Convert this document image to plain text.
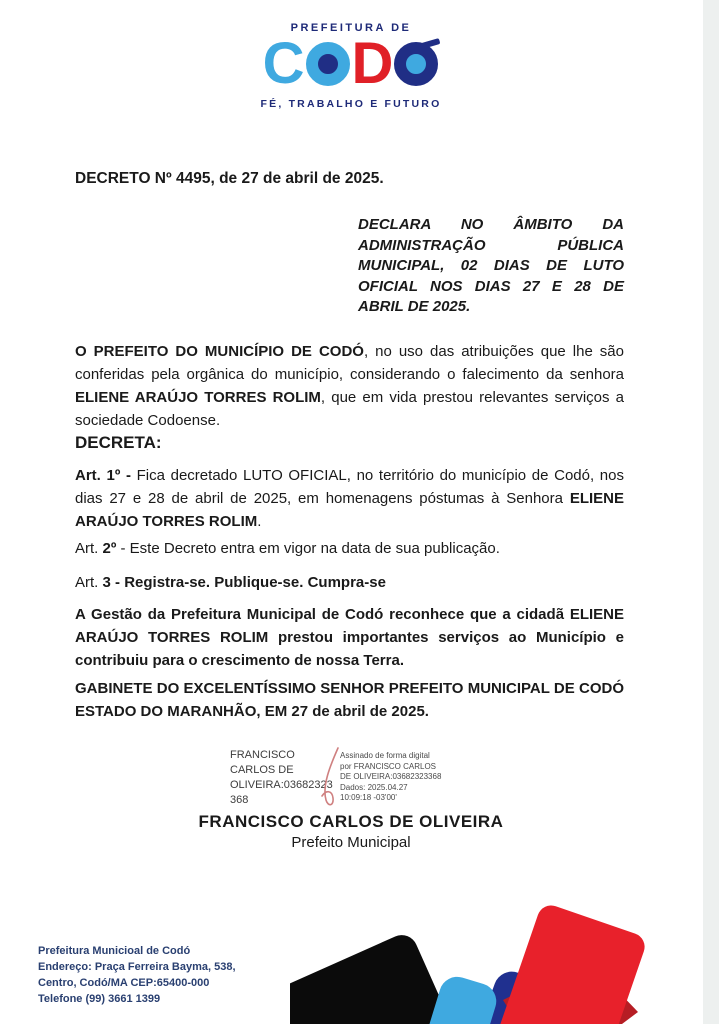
PREFEITURA DE
C D
FÉ, TRABALHO E FUTURO
DECRETO Nº 4495, de 27 de abril de 2025.
DECLARA NO ÂMBITO DA ADMINISTRAÇÃO PÚBLICA MUNICIPAL, 02 DIAS DE LUTO OFICIAL NOS DIAS 27 E 28 DE ABRIL DE 2025.

O PREFEITO DO MUNICÍPIO DE CODÓ, no uso das atribuições que lhe são conferidas pela orgânica do município, considerando o falecimento da senhora ELIENE ARAÚJO TORRES ROLIM, que em vida prestou relevantes serviços a sociedade Codoense.

DECRETA:

Art. 1º - Fica decretado LUTO OFICIAL, no território do município de Codó, nos dias 27 e 28 de abril de 2025, em homenagens póstumas à Senhora ELIENE ARAÚJO TORRES ROLIM.

Art. 2º - Este Decreto entra em vigor na data de sua publicação.

Art. 3 - Registra-se. Publique-se. Cumpra-se

A Gestão da Prefeitura Municipal de Codó reconhece que a cidadã ELIENE ARAÚJO TORRES ROLIM prestou importantes serviços ao Município e contribuiu para o crescimento de nossa Terra.

GABINETE DO EXCELENTÍSSIMO SENHOR PREFEITO MUNICIPAL DE CODÓ ESTADO DO MARANHÃO, EM 27 de abril de 2025.

FRANCISCO
CARLOS DE
OLIVEIRA:03682323
368
Assinado de forma digital
por FRANCISCO CARLOS
DE OLIVEIRA:03682323368
Dados: 2025.04.27
10:09:18 -03'00'
FRANCISCO CARLOS DE OLIVEIRA
Prefeito Municipal
Prefeitura Municioal de Codó
Endereço: Praça Ferreira Bayma, 538,
Centro, Codó/MA CEP:65400-000
Telefone (99) 3661 1399
